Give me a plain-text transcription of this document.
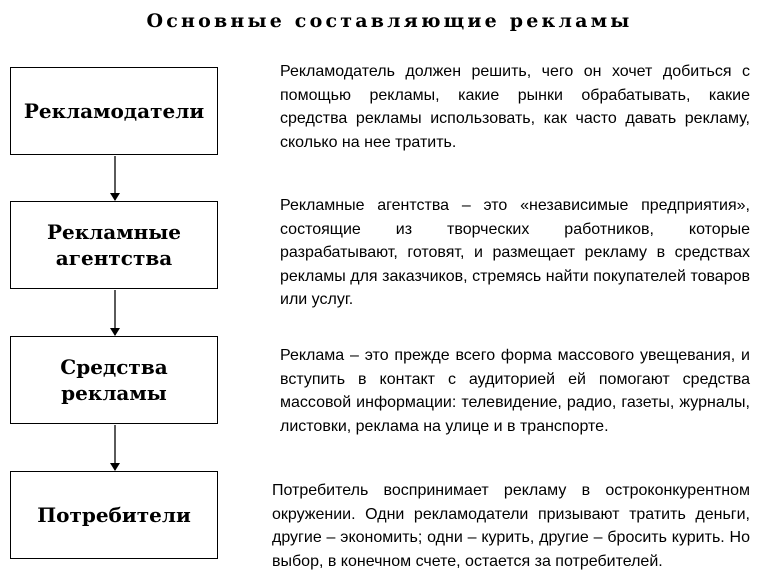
Основные составляющие рекламы
Рекламодатели
Рекламные
агентства
Средства
рекламы
Потребители
Рекламодатель должен решить, чего он хочет добиться с помощью рекламы, какие рынки обрабатывать, какие средства рекламы использовать, как часто давать рекламу, сколько на нее тратить.
Рекламные агентства – это «независимые предприятия», состоящие из творческих работников, которые разрабатывают, готовят, и размещает рекламу в средствах рекламы для заказчиков, стремясь найти покупателей товаров или услуг.
Реклама – это прежде всего форма массового увещевания, и вступить в контакт с аудиторией ей помогают средства массовой информации: телевидение, радио, газеты, журналы, листовки, реклама на улице и в транспорте.
Потребитель воспринимает рекламу в остроконкурентном окружении. Одни рекламодатели призывают тратить деньги, другие – экономить; одни – курить, другие – бросить курить. Но выбор, в конечном счете, остается за потребителей.
